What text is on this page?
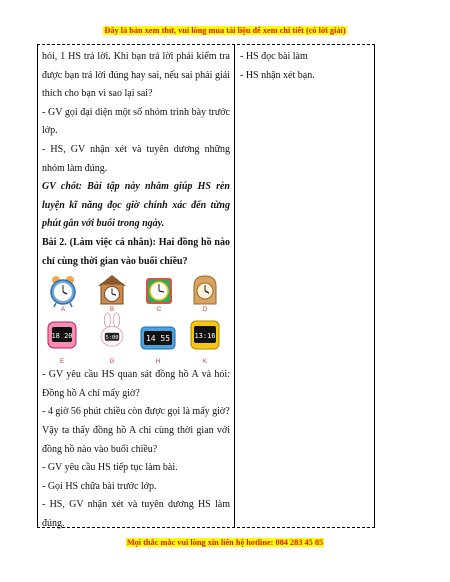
Đây là bản xem thử, vui lòng mua tài liệu để xem chi tiết (có lời giải)

hỏi, 1 HS trả lời. Khi bạn trả lời phải kiểm tra được bạn trả lời đúng hay sai, nếu sai phải giải thích cho bạn vì sao lại sai?

- GV gọi đại diện một số nhóm trình bày trước lớp.

- HS, GV nhận xét và tuyên dương những nhóm làm đúng.

GV chốt: Bài tập này nhằm giúp HS rèn luyện kĩ năng đọc giờ chính xác đến từng phút gắn với buổi trong ngày.

Bài 2. (Làm việc cá nhân): Hai đồng hồ nào chỉ cùng thời gian vào buổi chiều?

A	B	C	D
18 20
E
5:00
G
14 55
H
13:16
K

- GV yêu cầu HS quan sát đồng hồ A và hỏi: Đồng hồ A chỉ mấy giờ?

- 4 giờ 56 phút chiều còn được gọi là mấy giờ?

Vậy ta thấy đồng hồ A chỉ cùng thời gian với đồng hồ nào vào buổi chiều?

- GV yêu cầu HS tiếp tục làm bài.

- Gọi HS chữa bài trước lớp.

- HS, GV nhận xét và tuyên dương HS làm đúng.

- HS đọc bài làm

- HS nhận xét bạn.

Mọi thắc mắc vui lòng xin liên hệ hotline: 084 283 45 85
